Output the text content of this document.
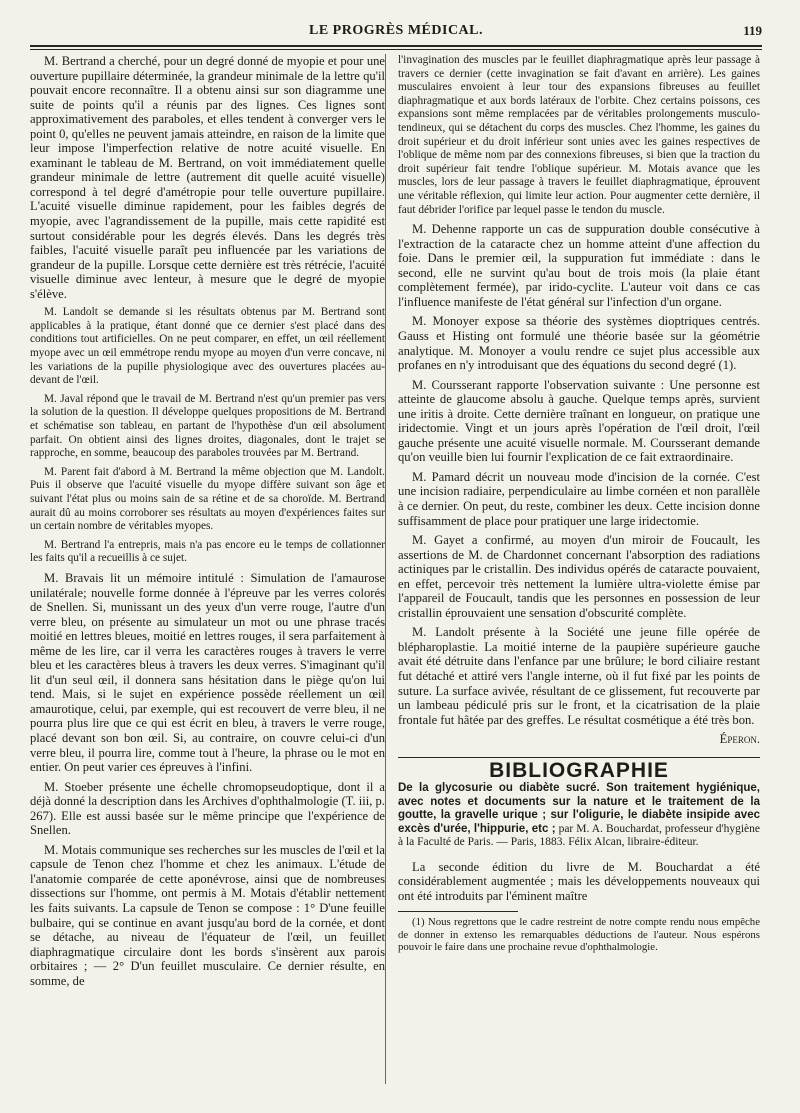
LE PROGRÈS MÉDICAL.	119

M. Bertrand a cherché, pour un degré donné de myopie et pour une ouverture pupillaire déterminée, la grandeur minimale de la lettre qu'il pouvait encore reconnaître. Il a obtenu ainsi sur son diagramme une suite de points qu'il a réunis par des lignes. Ces lignes sont approximativement des paraboles, et elles tendent à converger vers le point 0, qu'elles ne peuvent jamais atteindre, en raison de la limite que leur impose l'imperfection relative de notre acuité visuelle. En examinant le tableau de M. Bertrand, on voit immédiatement quelle grandeur minimale de lettre (autrement dit quelle acuité visuelle) correspond à tel degré d'amétropie pour telle ouverture pupillaire. L'acuité visuelle diminue rapidement, pour les faibles degrés de myopie, avec l'agrandissement de la pupille, mais cette rapidité est surtout considérable pour les degrés élevés. Dans les degrés très faibles, l'acuité visuelle paraît peu influencée par les variations de grandeur de la pupille. Lorsque cette dernière est très rétrécie, l'acuité visuelle diminue avec lenteur, à mesure que le degré de myopie s'élève.

M. Landolt se demande si les résultats obtenus par M. Bertrand sont applicables à la pratique, étant donné que ce dernier s'est placé dans des conditions tout artificielles. On ne peut comparer, en effet, un œil réellement myope avec un œil emmétrope rendu myope au moyen d'un verre concave, ni les variations de la pupille physiologique avec des ouvertures placées au-devant de l'œil.

M. Javal répond que le travail de M. Bertrand n'est qu'un premier pas vers la solution de la question. Il développe quelques propositions de M. Bertrand et schématise son tableau, en partant de l'hypothèse d'un œil absolument parfait. On obtient ainsi des lignes droites, diagonales, dont le trajet se rapproche, en somme, beaucoup des paraboles trouvées par M. Bertrand.

M. Parent fait d'abord à M. Bertrand la même objection que M. Landolt. Puis il observe que l'acuité visuelle du myope diffère suivant son âge et suivant l'état plus ou moins sain de sa rétine et de sa choroïde. M. Bertrand aurait dû au moins corroborer ses résultats au moyen d'expériences faites sur un certain nombre de véritables myopes.

M. Bertrand l'a entrepris, mais n'a pas encore eu le temps de collationner les faits qu'il a recueillis à ce sujet.

M. Bravais lit un mémoire intitulé : Simulation de l'amaurose unilatérale; nouvelle forme donnée à l'épreuve par les verres colorés de Snellen. Si, munissant un des yeux d'un verre rouge, l'autre d'un verre bleu, on présente au simulateur un mot ou une phrase tracés moitié en lettres bleues, moitié en lettres rouges, il sera parfaitement à même de les lire, car il verra les caractères rouges à travers le verre bleu et les caractères bleus à travers les deux verres. S'imaginant qu'il lit d'un seul œil, il donnera sans hésitation dans le piège qu'on lui tend. Mais, si le sujet en expérience possède réellement un œil amaurotique, celui, par exemple, qui est recouvert de verre bleu, il ne pourra plus lire que ce qui est écrit en bleu, à travers le verre rouge, placé devant son bon œil. Si, au contraire, on couvre celui-ci d'un verre bleu, il pourra lire, comme tout à l'heure, la phrase ou le mot en entier. On peut varier ces épreuves à l'infini.

M. Stoeber présente une échelle chromopseudoptique, dont il a déjà donné la description dans les Archives d'ophthalmologie (T. iii, p. 267). Elle est aussi basée sur le même principe que l'expérience de Snellen.

M. Motais communique ses recherches sur les muscles de l'œil et la capsule de Tenon chez l'homme et chez les animaux. L'étude de l'anatomie comparée de cette aponévrose, ainsi que de nombreuses dissections sur l'homme, ont permis à M. Motais d'établir nettement les faits suivants. La capsule de Tenon se compose : 1° D'une feuille bulbaire, qui se continue en avant jusqu'au bord de la cornée, et dont se détache, au niveau de l'équateur de l'œil, un feuillet diaphragmatique circulaire dont les bords s'insèrent aux parois orbitaires ; — 2° D'un feuillet musculaire. Ce dernier résulte, en somme, de

l'invagination des muscles par le feuillet diaphragmatique après leur passage à travers ce dernier (cette invagination se fait d'avant en arrière). Les gaines musculaires envoient à leur tour des expansions fibreuses au feuillet diaphragmatique et aux bords latéraux de l'orbite. Chez certains poissons, ces expansions sont même remplacées par de véritables prolongements musculo-tendineux, qui se détachent du corps des muscles. Chez l'homme, les gaines du droit supérieur et du droit inférieur sont unies avec les gaines respectives de l'oblique de même nom par des connexions fibreuses, si bien que la traction du droit supérieur fait tendre l'oblique supérieur. M. Motais avance que les muscles, lors de leur passage à travers le feuillet diaphragmatique, éprouvent une véritable réflexion, qui limite leur action. Pour augmenter cette dernière, il faut débrider l'orifice par lequel passe le tendon du muscle.

M. Dehenne rapporte un cas de suppuration double consécutive à l'extraction de la cataracte chez un homme atteint d'une affection du foie. Dans le premier œil, la suppuration fut immédiate : dans le second, elle ne survint qu'au bout de trois mois (la plaie étant complètement fermée), par irido-cyclite. L'auteur voit dans ce cas l'influence manifeste de l'état général sur l'infection d'un organe.

M. Monoyer expose sa théorie des systèmes dioptriques centrés. Gauss et Histing ont formulé une théorie basée sur la géométrie analytique. M. Monoyer a voulu rendre ce sujet plus accessible aux profanes en n'y introduisant que des équations du second degré (1).

M. Coursserant rapporte l'observation suivante : Une personne est atteinte de glaucome absolu à gauche. Quelque temps après, survient une iritis à droite. Cette dernière traînant en longueur, on pratique une iridectomie. Vingt et un jours après l'opération de l'œil droit, l'œil gauche présente une acuité visuelle normale. M. Coursserant demande qu'on veuille bien lui fournir l'explication de ce fait extraordinaire.

M. Pamard décrit un nouveau mode d'incision de la cornée. C'est une incision radiaire, perpendiculaire au limbe cornéen et non parallèle à ce dernier. On peut, du reste, combiner les deux. Cette incision donne suffisamment de place pour pratiquer une large iridectomie.

M. Gayet a confirmé, au moyen d'un miroir de Foucault, les assertions de M. de Chardonnet concernant l'absorption des radiations actiniques par le cristallin. Des individus opérés de cataracte pouvaient, en effet, percevoir très nettement la lumière ultra-violette émise par l'appareil de Foucault, tandis que les personnes en possession de leur cristallin éprouvaient une sensation d'obscurité complète.

M. Landolt présente à la Société une jeune fille opérée de blépharoplastie. La moitié interne de la paupière supérieure gauche avait été détruite dans l'enfance par une brûlure; le bord ciliaire restant fut détaché et attiré vers l'angle interne, où il fut fixé par les points de suture. La surface avivée, résultant de ce glissement, fut recouverte par un lambeau pédiculé pris sur le front, et la cicatrisation de la plaie frontale fut hâtée par des greffes. Le résultat cosmétique a été très bon.

Éperon.
BIBLIOGRAPHIE
De la glycosurie ou diabète sucré. Son traitement hygiénique, avec notes et documents sur la nature et le traitement de la goutte, la gravelle urique ; sur l'oligurie, le diabète insipide avec excès d'urée, l'hippurie, etc ; par M. A. Bouchardat, professeur d'hygiène à la Faculté de Paris. — Paris, 1883. Félix Alcan, libraire-éditeur.

La seconde édition du livre de M. Bouchardat a été considérablement augmentée ; mais les développements nouveaux qui ont été introduits par l'éminent maître

(1) Nous regrettons que le cadre restreint de notre compte rendu nous empêche de donner in extenso les remarquables déductions de l'auteur. Nous espérons pouvoir le faire dans une prochaine revue d'ophthalmologie.
